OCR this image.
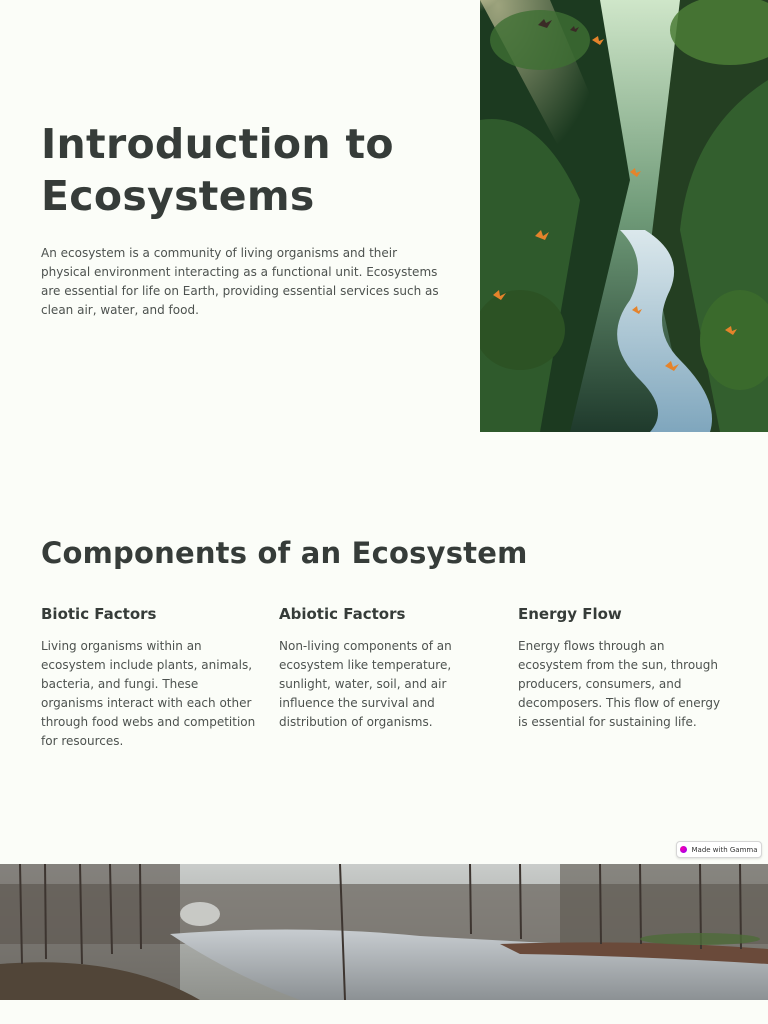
Introduction to
Ecosystems

An ecosystem is a community of living organisms and their physical environment interacting as a functional unit. Ecosystems are essential for life on Earth, providing essential services such as clean air, water, and food.

Components of an Ecosystem
Biotic Factors

Living organisms within an ecosystem include plants, animals, bacteria, and fungi. These organisms interact with each other through food webs and competition for resources.

Abiotic Factors

Non-living components of an ecosystem like temperature, sunlight, water, soil, and air influence the survival and distribution of organisms.

Energy Flow

Energy flows through an ecosystem from the sun, through producers, consumers, and decomposers. This flow of energy is essential for sustaining life.

Made with Gamma
